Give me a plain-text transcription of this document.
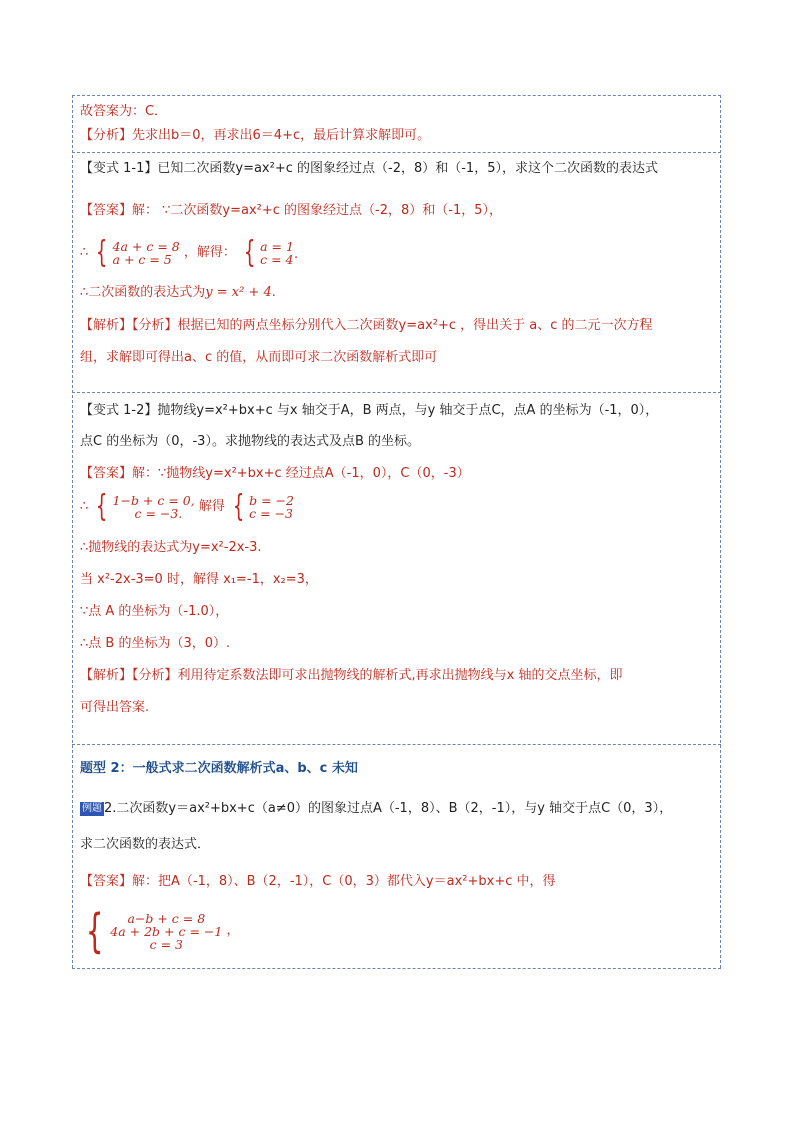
故答案为：C．
【分析】先求出b＝0，再求出6＝4+c，最后计算求解即可。
【变式 1-1】已知二次函数y=ax²+c 的图象经过点（-2，8）和（-1，5），求这个二次函数的表达式
【答案】解： ∵二次函数y=ax²+c 的图象经过点（-2，8）和（-1，5），
∴ { 4a + c = 8
a + c = 5 ，解得： { a = 1
c = 4 ·
∴二次函数的表达式为y = x² + 4.
【解析】【分析】根据已知的两点坐标分别代入二次函数y=ax²+c ，得出关于 a、c 的二元一次方程
组，求解即可得出a、c 的值，从而即可求二次函数解析式即可
【变式 1-2】抛物线y=x²+bx+c 与x 轴交于A，B 两点，与y 轴交于点C，点A 的坐标为（-1，0），
点C 的坐标为（0，-3）。求抛物线的表达式及点B 的坐标。
【答案】解：∵抛物线y=x²+bx+c 经过点A（-1，0），C（0，-3）
∴ { 1−b + c = 0,
c = −3.	解得 { b = −2
c = −3
∴抛物线的表达式为y=x²-2x-3.
当 x²-2x-3=0 时，解得 x₁=-1，x₂=3，
∵点 A 的坐标为（-1.0），
∴点 B 的坐标为（3，0）.
【解析】【分析】利用待定系数法即可求出抛物线的解析式,再求出抛物线与x 轴的交点坐标，即
可得出答案.
题型 2：一般式求二次函数解析式a、b、c 未知
例题 2.二次函数y＝ax²+bx+c（a≠0）的图象过点A（-1，8）、B（2，-1），与y 轴交于点C（0，3），
求二次函数的表达式．
【答案】解：把A（-1，8）、B（2，-1），C（0，3）都代入y＝ax²+bx+c 中，得
{	a−b + c = 8
4a + 2b + c = −1
c = 3
，
